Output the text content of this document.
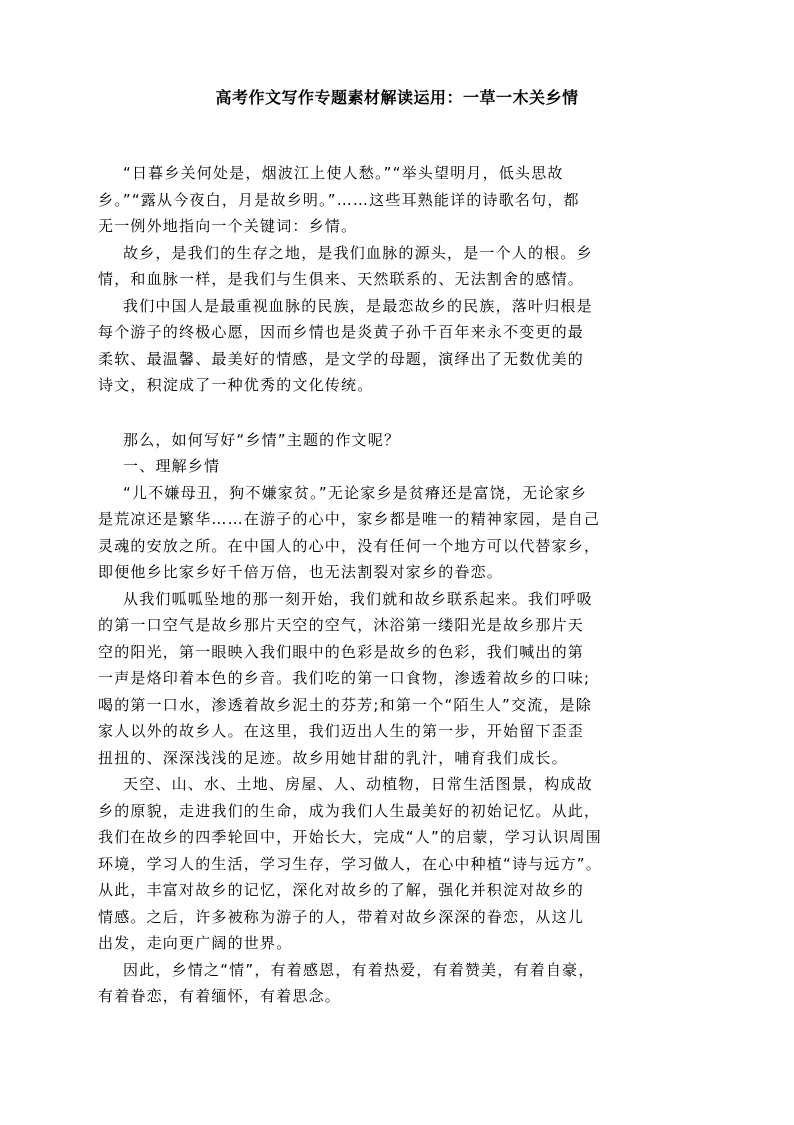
高考作文写作专题素材解读运用：一草一木关乡情
“日暮乡关何处是，烟波江上使人愁。”“举头望明月，低头思故
乡。”“露从今夜白，月是故乡明。”……这些耳熟能详的诗歌名句，都
无一例外地指向一个关键词：乡情。
故乡，是我们的生存之地，是我们血脉的源头，是一个人的根。乡
情，和血脉一样，是我们与生俱来、天然联系的、无法割舍的感情。
我们中国人是最重视血脉的民族，是最恋故乡的民族，落叶归根是
每个游子的终极心愿，因而乡情也是炎黄子孙千百年来永不变更的最
柔软、最温馨、最美好的情感，是文学的母题，演绎出了无数优美的
诗文，积淀成了一种优秀的文化传统。
那么，如何写好“乡情”主题的作文呢？
一、理解乡情
“儿不嫌母丑，狗不嫌家贫。”无论家乡是贫瘠还是富饶，无论家乡
是荒凉还是繁华……在游子的心中，家乡都是唯一的精神家园，是自己
灵魂的安放之所。在中国人的心中，没有任何一个地方可以代替家乡，
即便他乡比家乡好千倍万倍，也无法割裂对家乡的眷恋。
从我们呱呱坠地的那一刻开始，我们就和故乡联系起来。我们呼吸
的第一口空气是故乡那片天空的空气，沐浴第一缕阳光是故乡那片天
空的阳光，第一眼映入我们眼中的色彩是故乡的色彩，我们喊出的第
一声是烙印着本色的乡音。我们吃的第一口食物，渗透着故乡的口味;
喝的第一口水，渗透着故乡泥土的芬芳;和第一个“陌生人”交流，是除
家人以外的故乡人。在这里，我们迈出人生的第一步，开始留下歪歪
扭扭的、深深浅浅的足迹。故乡用她甘甜的乳汁，哺育我们成长。
天空、山、水、土地、房屋、人、动植物，日常生活图景，构成故
乡的原貌，走进我们的生命，成为我们人生最美好的初始记忆。从此，
我们在故乡的四季轮回中，开始长大，完成“人”的启蒙，学习认识周围
环境，学习人的生活，学习生存，学习做人，在心中种植“诗与远方”。
从此，丰富对故乡的记忆，深化对故乡的了解，强化并积淀对故乡的
情感。之后，许多被称为游子的人，带着对故乡深深的眷恋，从这儿
出发，走向更广阔的世界。
因此，乡情之“情”，有着感恩，有着热爱，有着赞美，有着自豪，
有着眷恋，有着缅怀，有着思念。
